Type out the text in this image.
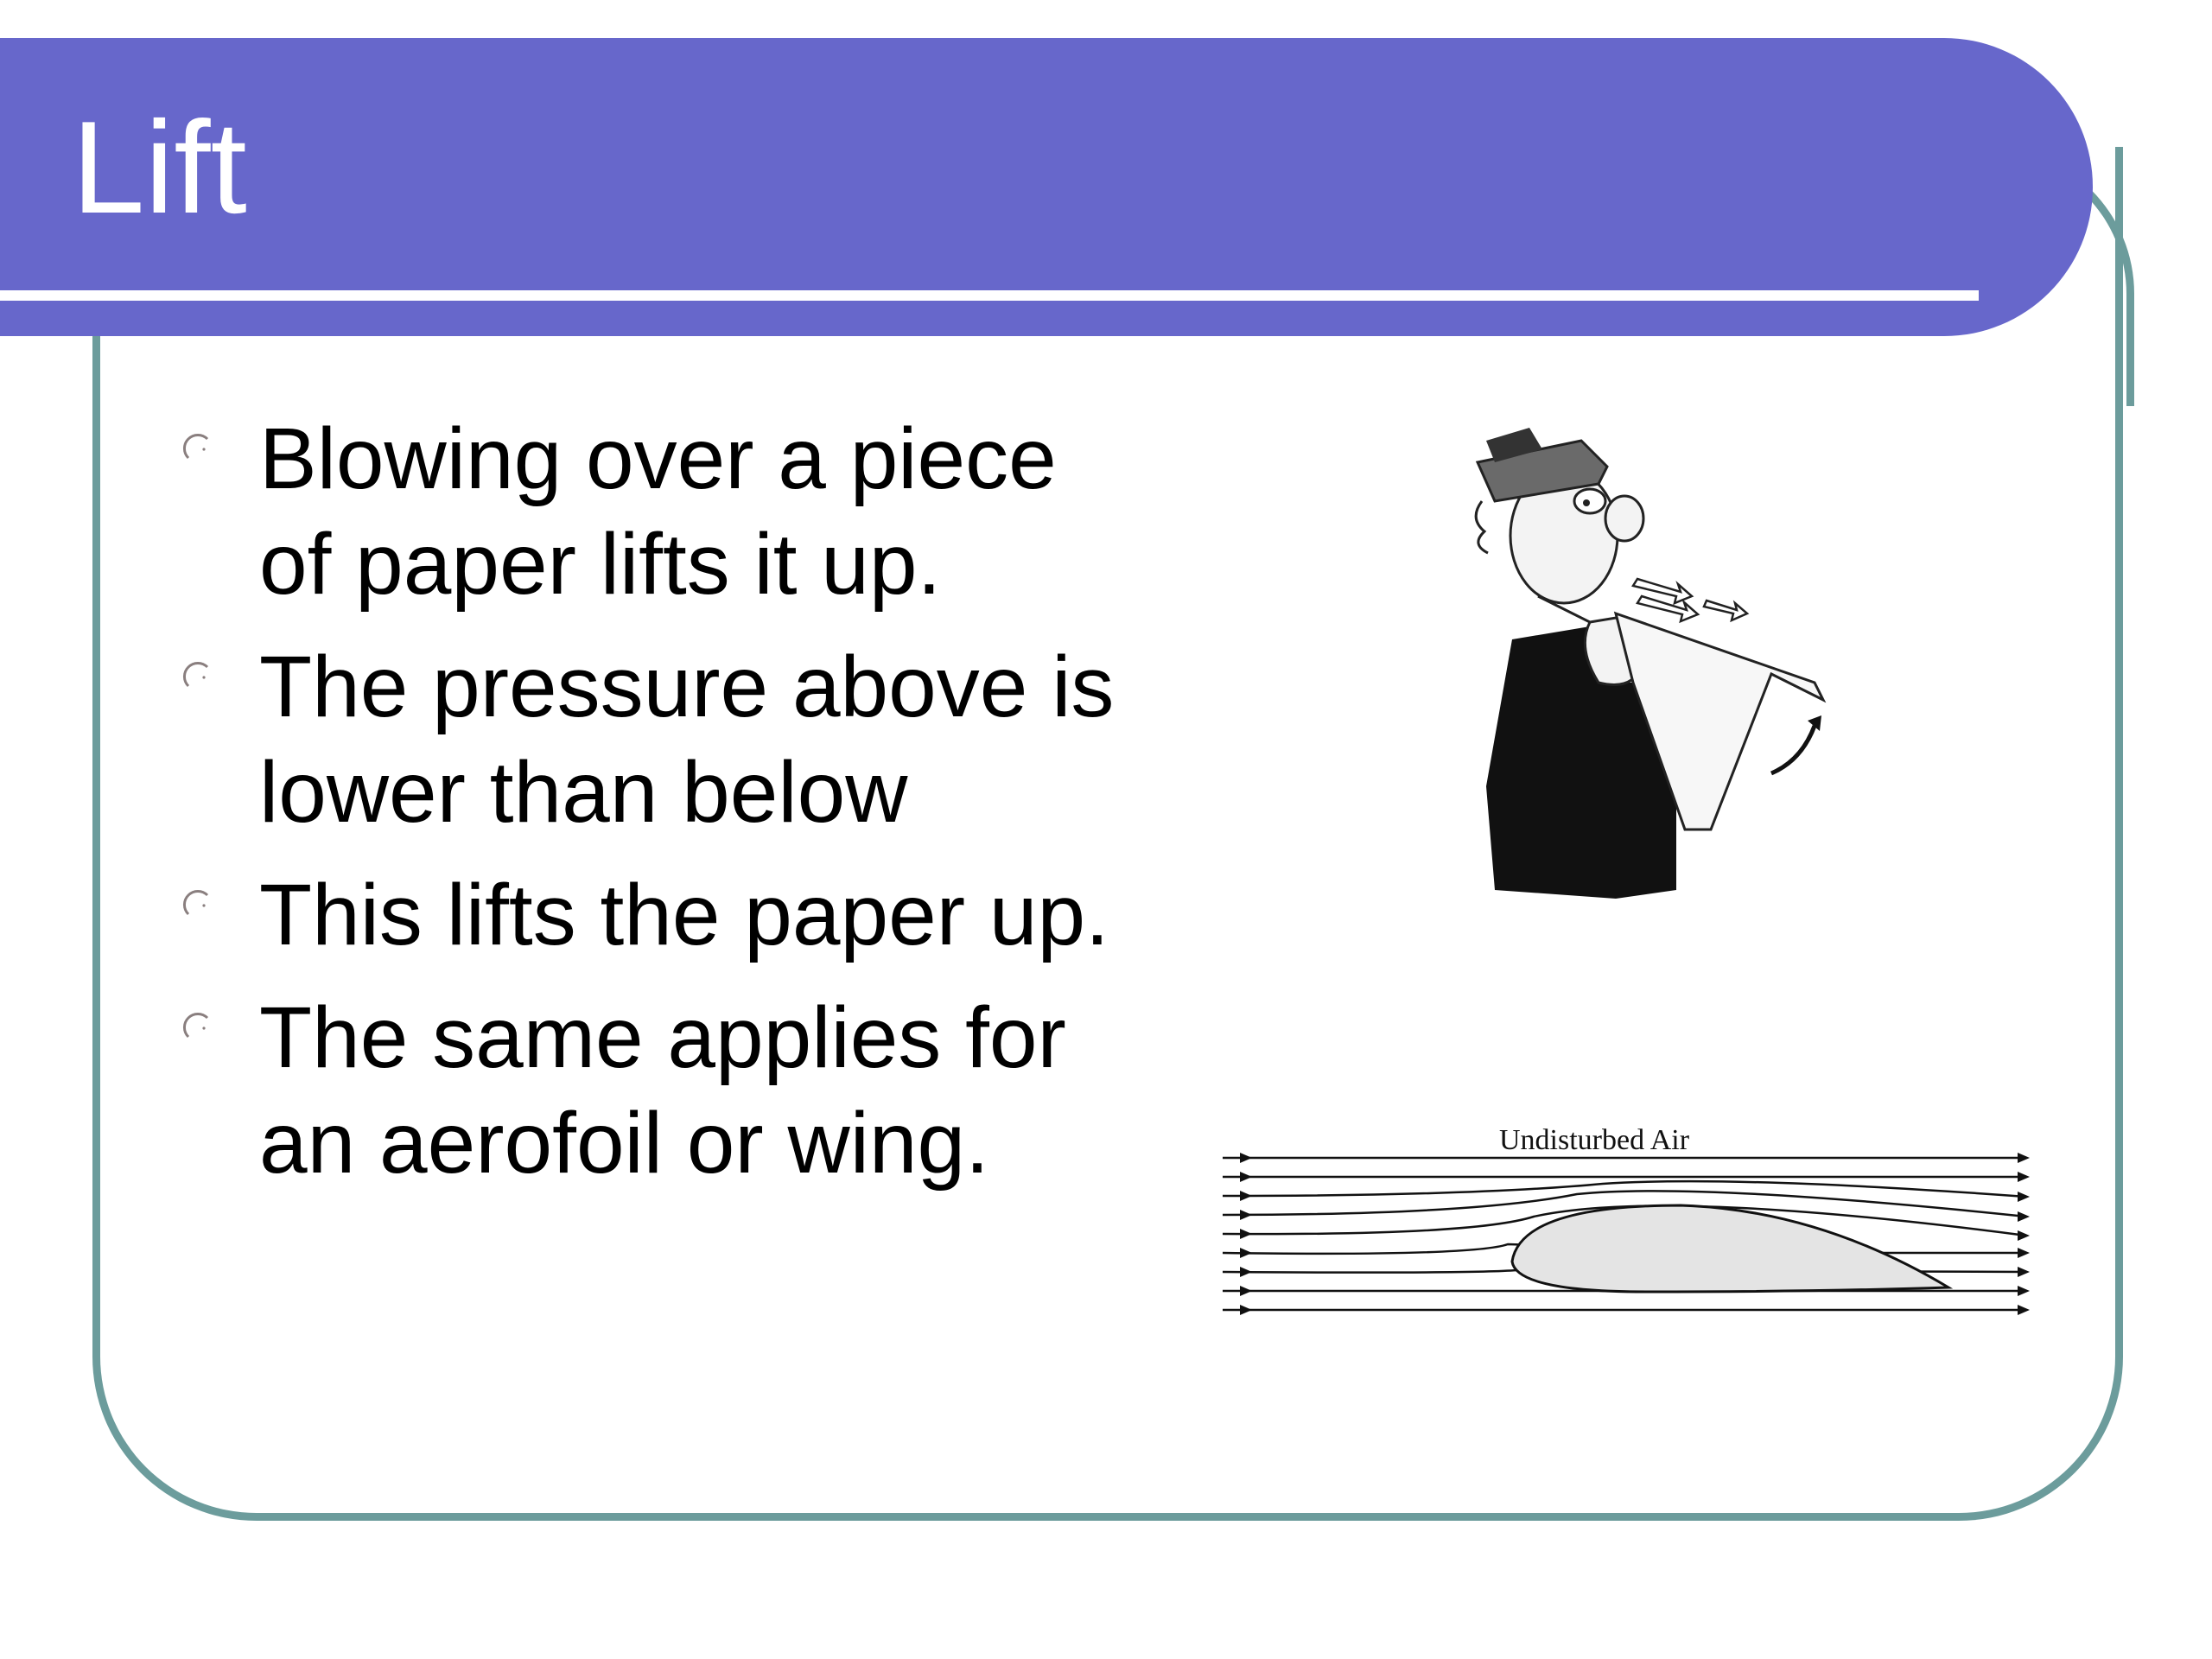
Lift
Blowing over a piece of paper lifts it up.
The pressure above is lower than below
This lifts the paper up.
The same applies for an aerofoil or wing.	Undisturbed Air
